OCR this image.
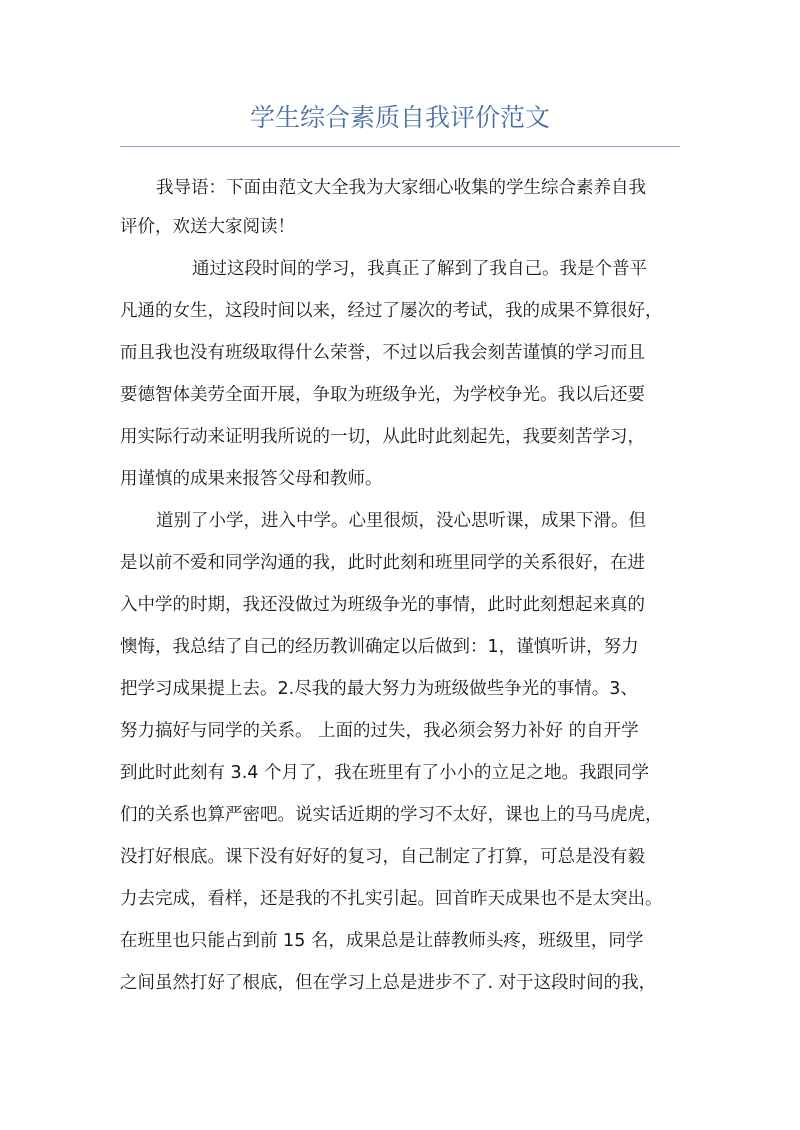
学生综合素质自我评价范文
我导语：下面由范文大全我为大家细心收集的学生综合素养自我
评价，欢送大家阅读！
通过这段时间的学习，我真正了解到了我自己。我是个普平
凡通的女生，这段时间以来，经过了屡次的考试，我的成果不算很好，
而且我也没有班级取得什么荣誉，不过以后我会刻苦谨慎的学习而且
要德智体美劳全面开展，争取为班级争光，为学校争光。我以后还要
用实际行动来证明我所说的一切，从此时此刻起先，我要刻苦学习，
用谨慎的成果来报答父母和教师。
道别了小学，进入中学。心里很烦，没心思听课，成果下滑。但
是以前不爱和同学沟通的我，此时此刻和班里同学的关系很好，在进
入中学的时期，我还没做过为班级争光的事情，此时此刻想起来真的
懊悔，我总结了自己的经历教训确定以后做到：1，谨慎听讲，努力
把学习成果提上去。2.尽我的最大努力为班级做些争光的事情。3、
努力搞好与同学的关系。 上面的过失，我必须会努力补好 的自开学
到此时此刻有 3.4 个月了，我在班里有了小小的立足之地。我跟同学
们的关系也算严密吧。说实话近期的学习不太好，课也上的马马虎虎，
没打好根底。课下没有好好的复习，自己制定了打算，可总是没有毅
力去完成，看样，还是我的不扎实引起。回首昨天成果也不是太突出。
在班里也只能占到前 15 名，成果总是让薛教师头疼，班级里，同学
之间虽然打好了根底，但在学习上总是进步不了. 对于这段时间的我，
